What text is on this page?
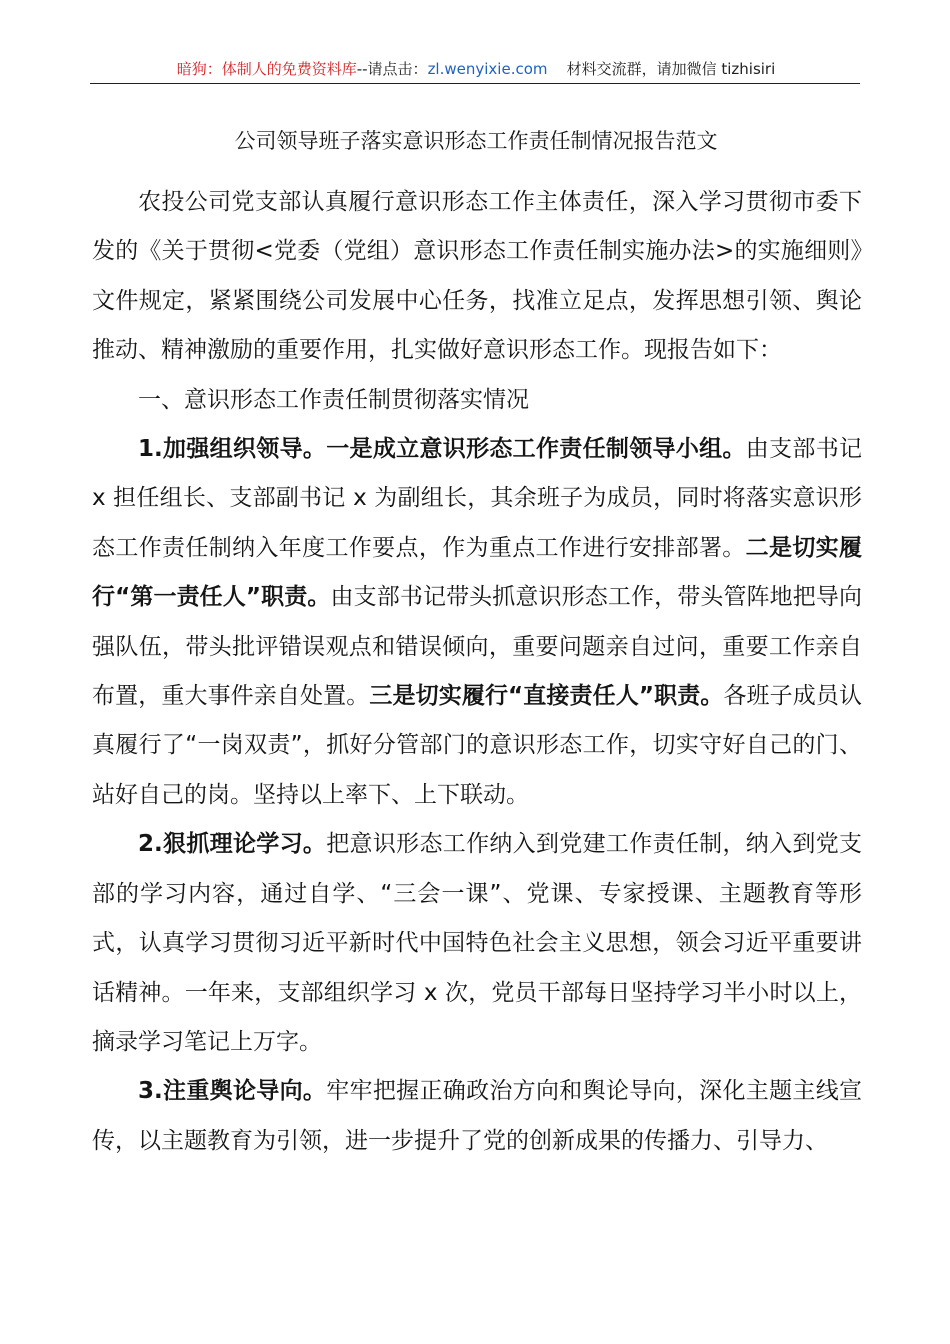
暗狗：体制人的免费资料库--请点击：zl.wenyixie.com 材料交流群，请加微信 tizhisiri
公司领导班子落实意识形态工作责任制情况报告范文

农投公司党支部认真履行意识形态工作主体责任，深入学习贯彻市委下发的《关于贯彻<党委（党组）意识形态工作责任制实施办法>的实施细则》文件规定，紧紧围绕公司发展中心任务，找准立足点，发挥思想引领、舆论推动、精神激励的重要作用，扎实做好意识形态工作。现报告如下：

一、意识形态工作责任制贯彻落实情况

1.加强组织领导。一是成立意识形态工作责任制领导小组。由支部书记 x 担任组长、支部副书记 x 为副组长，其余班子为成员，同时将落实意识形态工作责任制纳入年度工作要点，作为重点工作进行安排部署。二是切实履行“第一责任人”职责。由支部书记带头抓意识形态工作，带头管阵地把导向强队伍，带头批评错误观点和错误倾向，重要问题亲自过问，重要工作亲自布置，重大事件亲自处置。三是切实履行“直接责任人”职责。各班子成员认真履行了“一岗双责”，抓好分管部门的意识形态工作，切实守好自己的门、站好自己的岗。坚持以上率下、上下联动。

2.狠抓理论学习。把意识形态工作纳入到党建工作责任制，纳入到党支部的学习内容，通过自学、“三会一课”、党课、专家授课、主题教育等形式，认真学习贯彻习近平新时代中国特色社会主义思想，领会习近平重要讲话精神。一年来，支部组织学习 x 次，党员干部每日坚持学习半小时以上，摘录学习笔记上万字。

3.注重舆论导向。牢牢把握正确政治方向和舆论导向，深化主题主线宣传，以主题教育为引领，进一步提升了党的创新成果的传播力、引导力、
